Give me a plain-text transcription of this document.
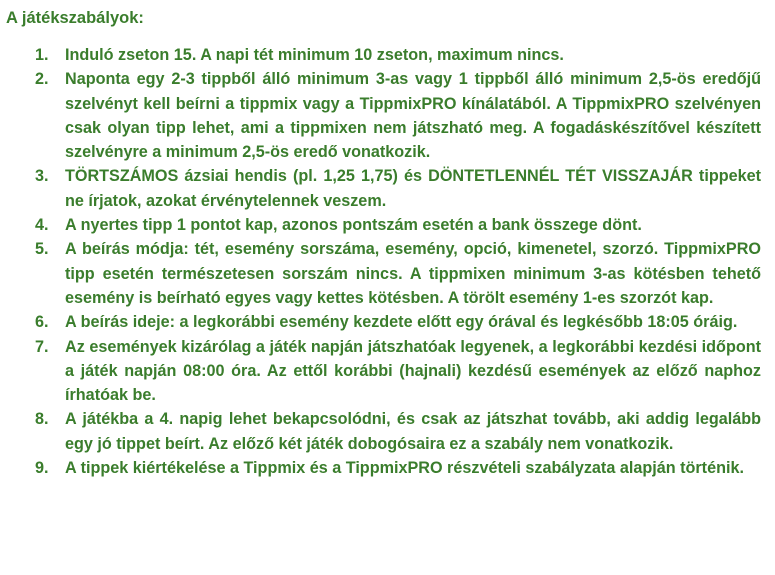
A játékszabályok:
1. Induló zseton 15. A napi tét minimum 10 zseton, maximum nincs.
2. Naponta egy 2-3 tippből álló minimum 3-as vagy 1 tippből álló minimum 2,5-ös eredőjű szelvényt kell beírni a tippmix vagy a TippmixPRO kínálatából. A TippmixPRO szelvényen csak olyan tipp lehet, ami a tippmixen nem játszható meg. A fogadáskészítővel készített szelvényre a minimum 2,5-ös eredő vonatkozik.
3. TÖRTSZÁMOS ázsiai hendis (pl. 1,25 1,75) és DÖNTETLENNÉL TÉT VISSZAJÁR tippeket ne írjatok, azokat érvénytelennek veszem.
4. A nyertes tipp 1 pontot kap, azonos pontszám esetén a bank összege dönt.
5. A beírás módja: tét, esemény sorszáma, esemény, opció, kimenetel, szorzó. TippmixPRO tipp esetén természetesen sorszám nincs. A tippmixen minimum 3-as kötésben tehető esemény is beírható egyes vagy kettes kötésben. A törölt esemény 1-es szorzót kap.
6. A beírás ideje: a legkorábbi esemény kezdete előtt egy órával és legkésőbb 18:05 óráig.
7. Az események kizárólag a játék napján játszhatóak legyenek, a legkorábbi kezdési időpont a játék napján 08:00 óra. Az ettől korábbi (hajnali) kezdésű események az előző naphoz írhatóak be.
8. A játékba a 4. napig lehet bekapcsolódni, és csak az játszhat tovább, aki addig legalább egy jó tippet beírt. Az előző két játék dobogósaira ez a szabály nem vonatkozik.
9. A tippek kiértékelése a Tippmix és a TippmixPRO részvételi szabályzata alapján történik.
